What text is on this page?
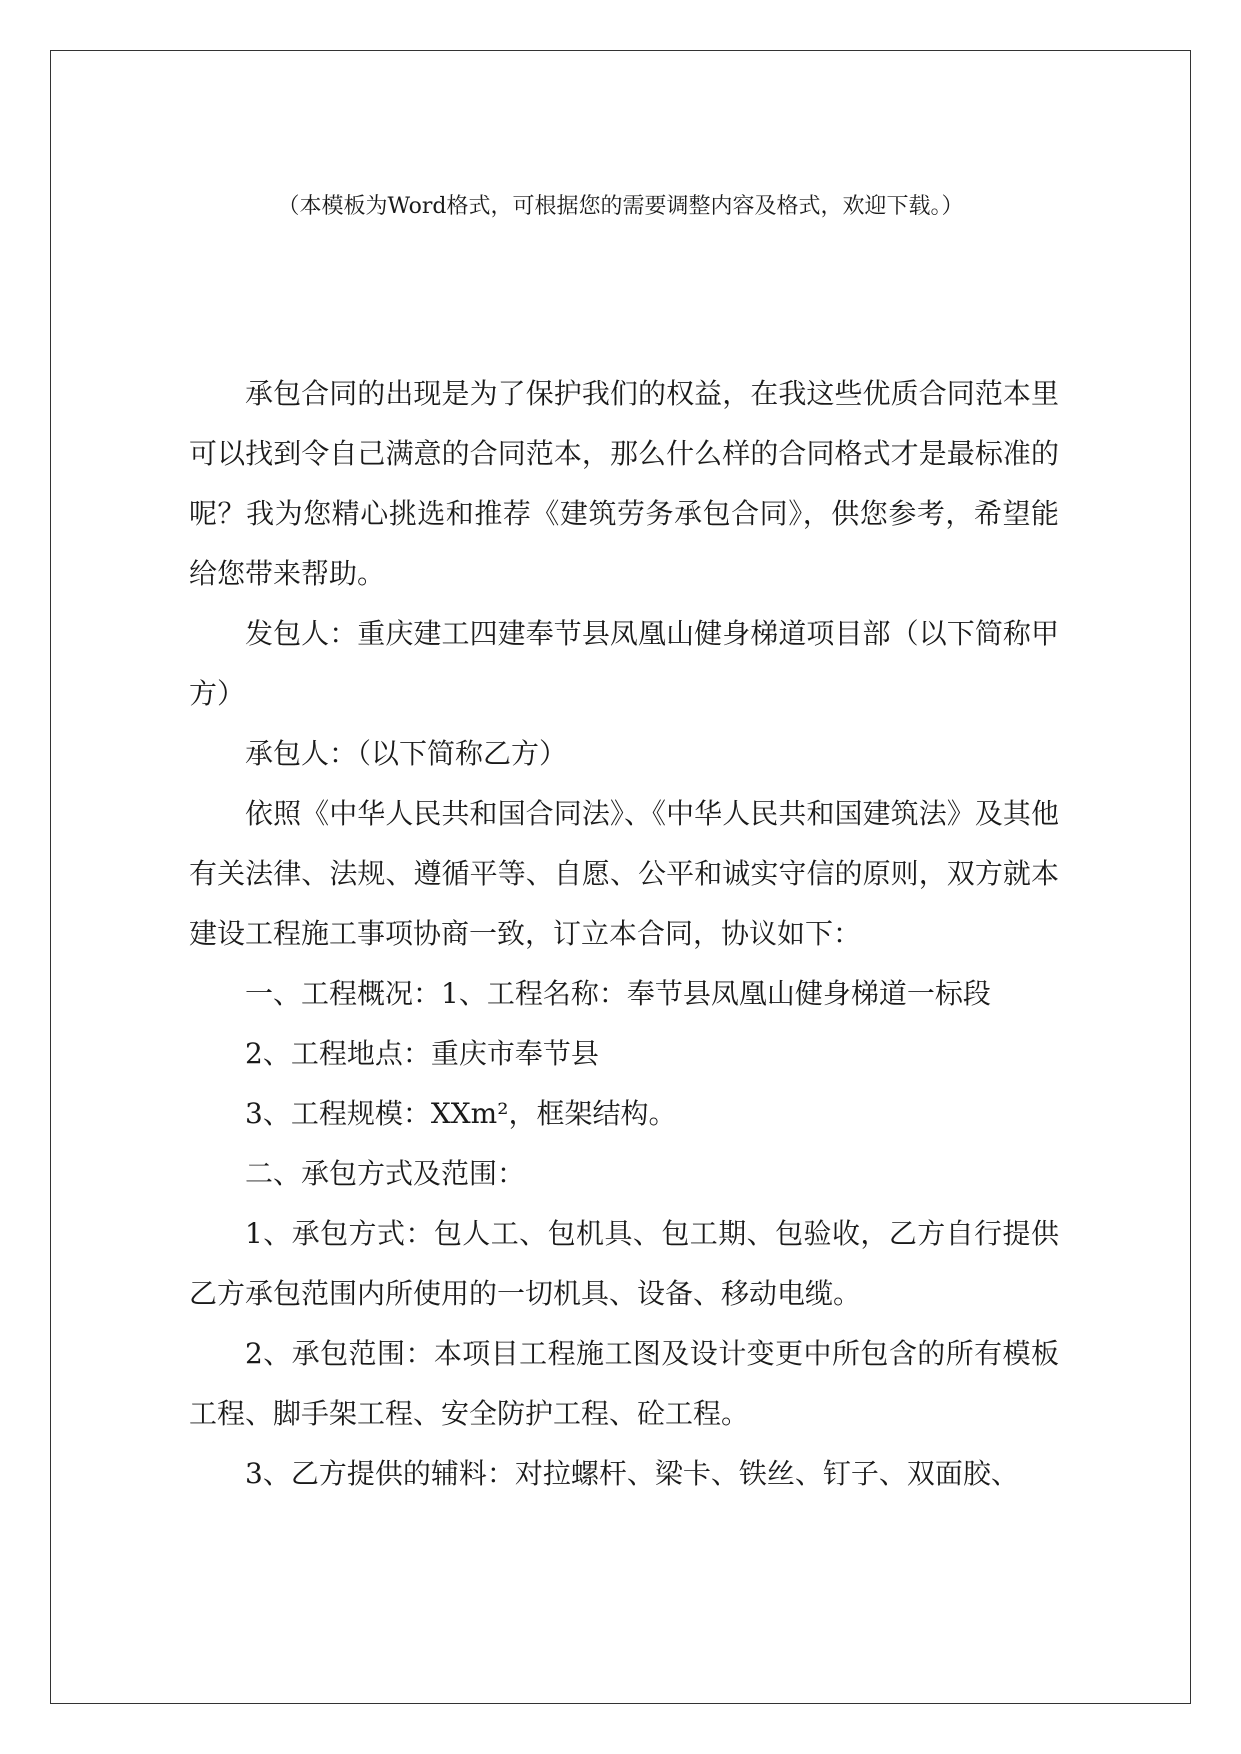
（本模板为Word格式，可根据您的需要调整内容及格式，欢迎下载。）

承包合同的出现是为了保护我们的权益，在我这些优质合同范本里可以找到令自己满意的合同范本，那么什么样的合同格式才是最标准的呢？我为您精心挑选和推荐《建筑劳务承包合同》，供您参考，希望能给您带来帮助。

发包人：重庆建工四建奉节县凤凰山健身梯道项目部（以下简称甲方）

承包人：（以下简称乙方）

依照《中华人民共和国合同法》、《中华人民共和国建筑法》及其他有关法律、法规、遵循平等、自愿、公平和诚实守信的原则，双方就本建设工程施工事项协商一致，订立本合同，协议如下：

一、工程概况：1、工程名称：奉节县凤凰山健身梯道一标段

2、工程地点：重庆市奉节县

3、工程规模：XXm²，框架结构。

二、承包方式及范围：

1、承包方式：包人工、包机具、包工期、包验收，乙方自行提供乙方承包范围内所使用的一切机具、设备、移动电缆。

2、承包范围：本项目工程施工图及设计变更中所包含的所有模板工程、脚手架工程、安全防护工程、砼工程。

3、乙方提供的辅料：对拉螺杆、梁卡、铁丝、钉子、双面胶、
